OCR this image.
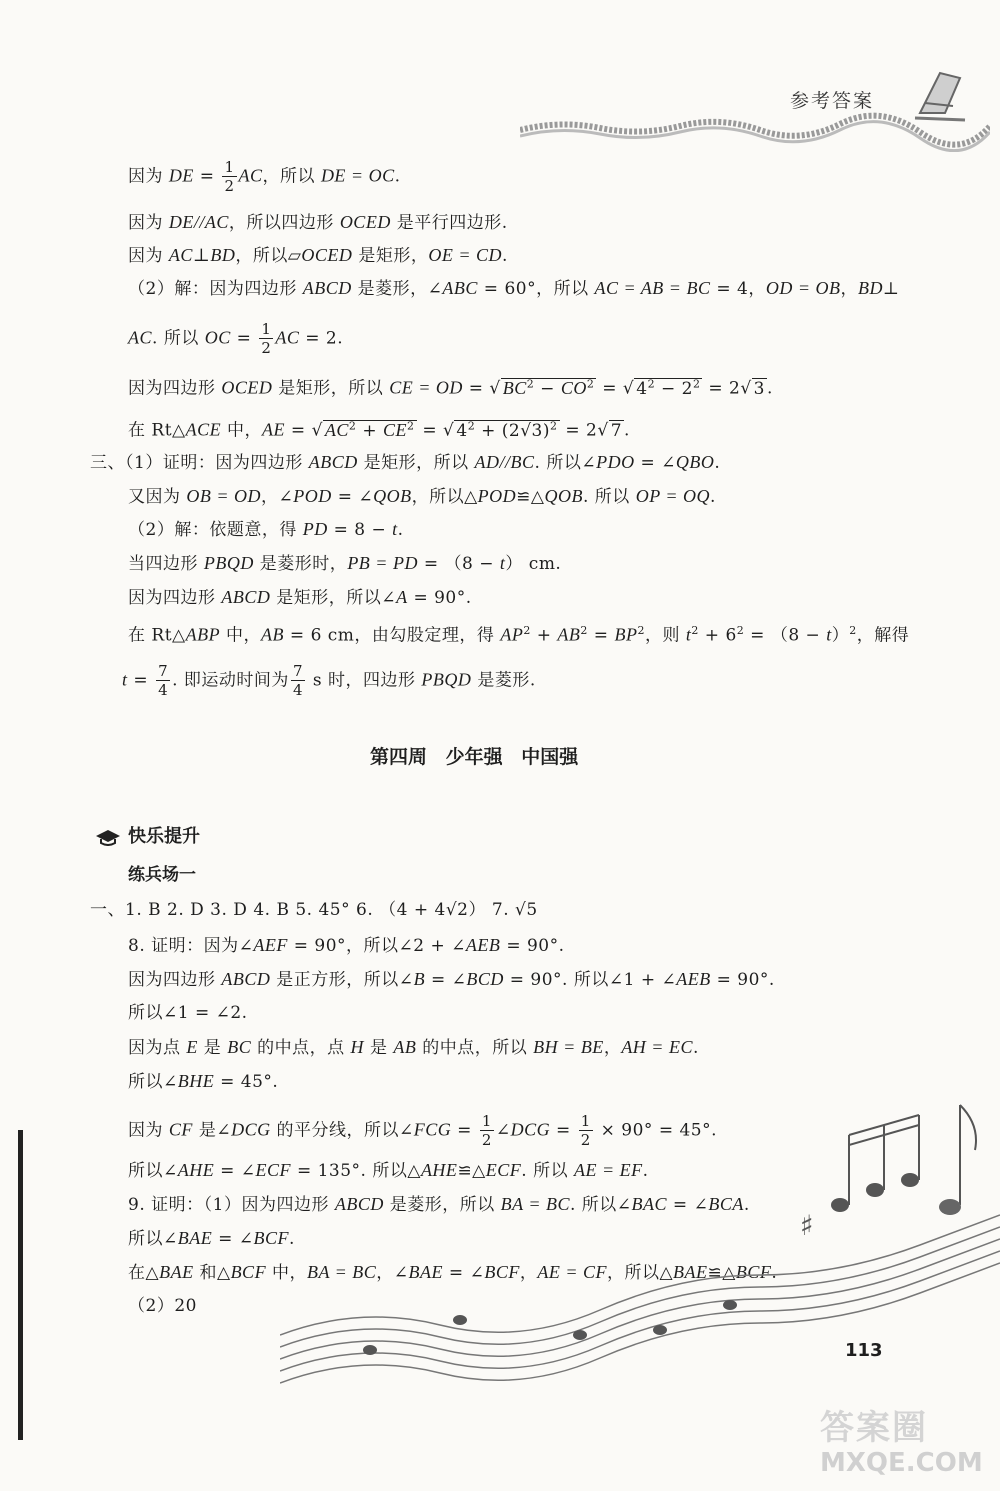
参考答案
因为 DE = $\frac{1}{2}$ AC，所以 DE = OC.
因为 DE//AC，所以四边形 OCED 是平行四边形.
因为 AC⊥BD，所以▱OCED 是矩形，OE = CD.
（2）解：因为四边形 ABCD 是菱形，∠ABC = 60°，所以 AC = AB = BC = 4，OD = OB，BD⊥
AC. 所以 OC = $\frac{1}{2}$ AC = 2.
因为四边形 OCED 是矩形，所以 CE = OD = √ $BC^2 - CO^2$ = √ $4^2 - 2^2 = 2√$ 3 .
在 Rt△ACE 中，AE = √ $AC^2 + CE^2$ = √ $4^2 + (2√3)^2 = 2√$ 7 .
三、（1）证明：因为四边形 ABCD 是矩形，所以 AD//BC. 所以∠PDO = ∠QBO.
又因为 OB = OD，∠POD = ∠QOB，所以△POD≌△QOB. 所以 OP = OQ.
（2）解：依题意，得 PD = 8 − t.
当四边形 PBQD 是菱形时，PB = PD = （8 − t） cm.
因为四边形 ABCD 是矩形，所以∠A = 90°.
在 Rt△ABP 中，AB = 6 cm，由勾股定理，得 $AP^2 + AB^2 = BP^2$，则 $t^2 + 6^2 = (8 - t)^2$，解得
$t = \frac{7}{4}$ . 即运动时间为 $\frac{7}{4}$ s 时，四边形 PBQD 是菱形.
第四周 少年强 中国强
快乐提升
练兵场一
一、1. B 2. D 3. D 4. B 5. 45° 6. （4 + 4√2） 7. √5
8. 证明：因为∠AEF = 90°，所以∠2 + ∠AEB = 90°.
因为四边形 ABCD 是正方形，所以∠B = ∠BCD = 90°. 所以∠1 + ∠AEB = 90°.
所以∠1 = ∠2.
因为点 E 是 BC 的中点，点 H 是 AB 的中点，所以 BH = BE，AH = EC.
所以∠BHE = 45°.
因为 CF 是∠DCG 的平分线，所以∠FCG = $\frac{1}{2}$ ∠DCG = $\frac{1}{2} \times 90^\circ = 45^\circ$.
所以∠AHE = ∠ECF = 135°. 所以△AHE≌△ECF. 所以 AE = EF.
9. 证明：（1）因为四边形 ABCD 是菱形，所以 BA = BC. 所以∠BAC = ∠BCA.
所以∠BAE = ∠BCF.
在△BAE 和△BCF 中，BA = BC，∠BAE = ∠BCF，AE = CF，所以△BAE≌△BCF.
（2）20
♯
113
答案圈
MXQE.COM
